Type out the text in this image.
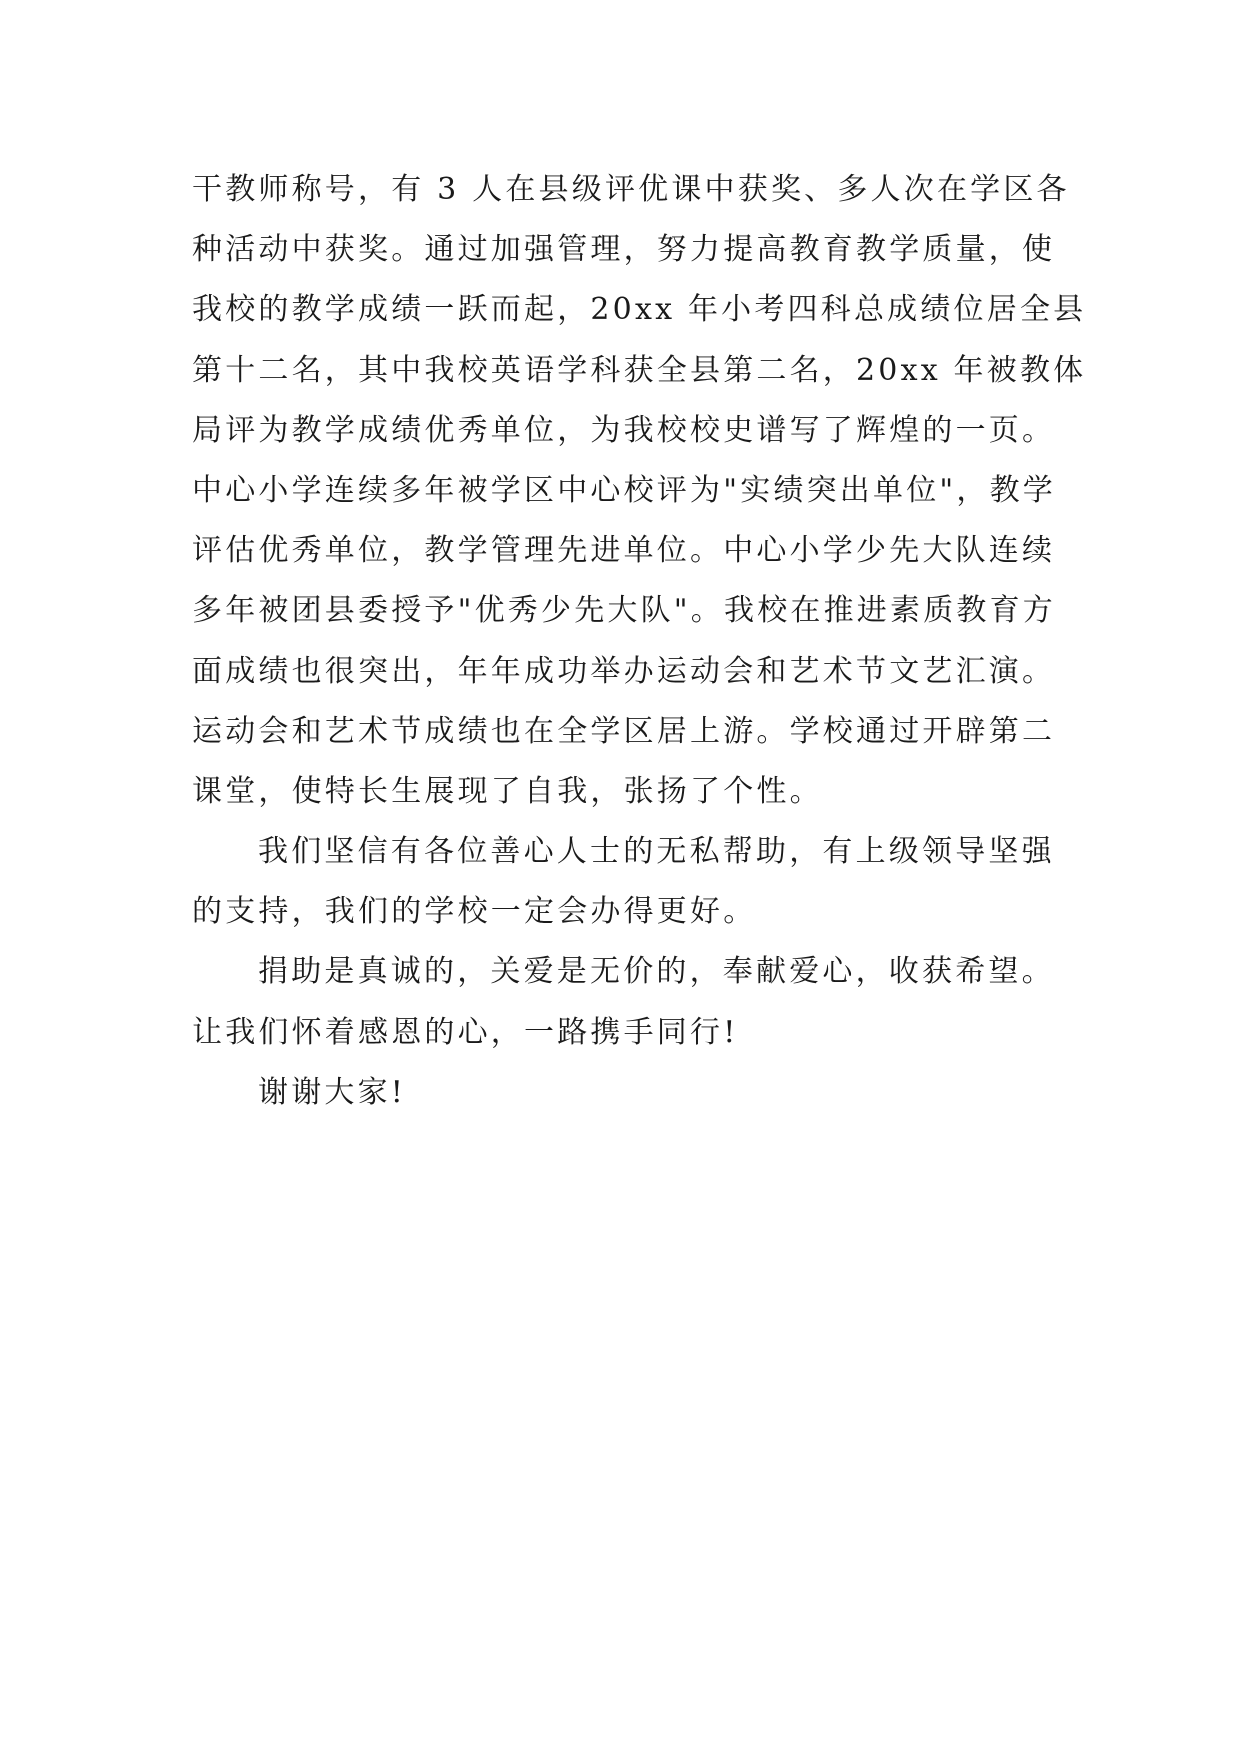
干教师称号，有 3 人在县级评优课中获奖、多人次在学区各
种活动中获奖。通过加强管理，努力提高教育教学质量，使
我校的教学成绩一跃而起，20xx 年小考四科总成绩位居全县
第十二名，其中我校英语学科获全县第二名，20xx 年被教体
局评为教学成绩优秀单位，为我校校史谱写了辉煌的一页。
中心小学连续多年被学区中心校评为"实绩突出单位"，教学
评估优秀单位，教学管理先进单位。中心小学少先大队连续
多年被团县委授予"优秀少先大队"。我校在推进素质教育方
面成绩也很突出，年年成功举办运动会和艺术节文艺汇演。
运动会和艺术节成绩也在全学区居上游。学校通过开辟第二
课堂，使特长生展现了自我，张扬了个性。
我们坚信有各位善心人士的无私帮助，有上级领导坚强
的支持，我们的学校一定会办得更好。
捐助是真诚的，关爱是无价的，奉献爱心，收获希望。
让我们怀着感恩的心，一路携手同行!
谢谢大家!
